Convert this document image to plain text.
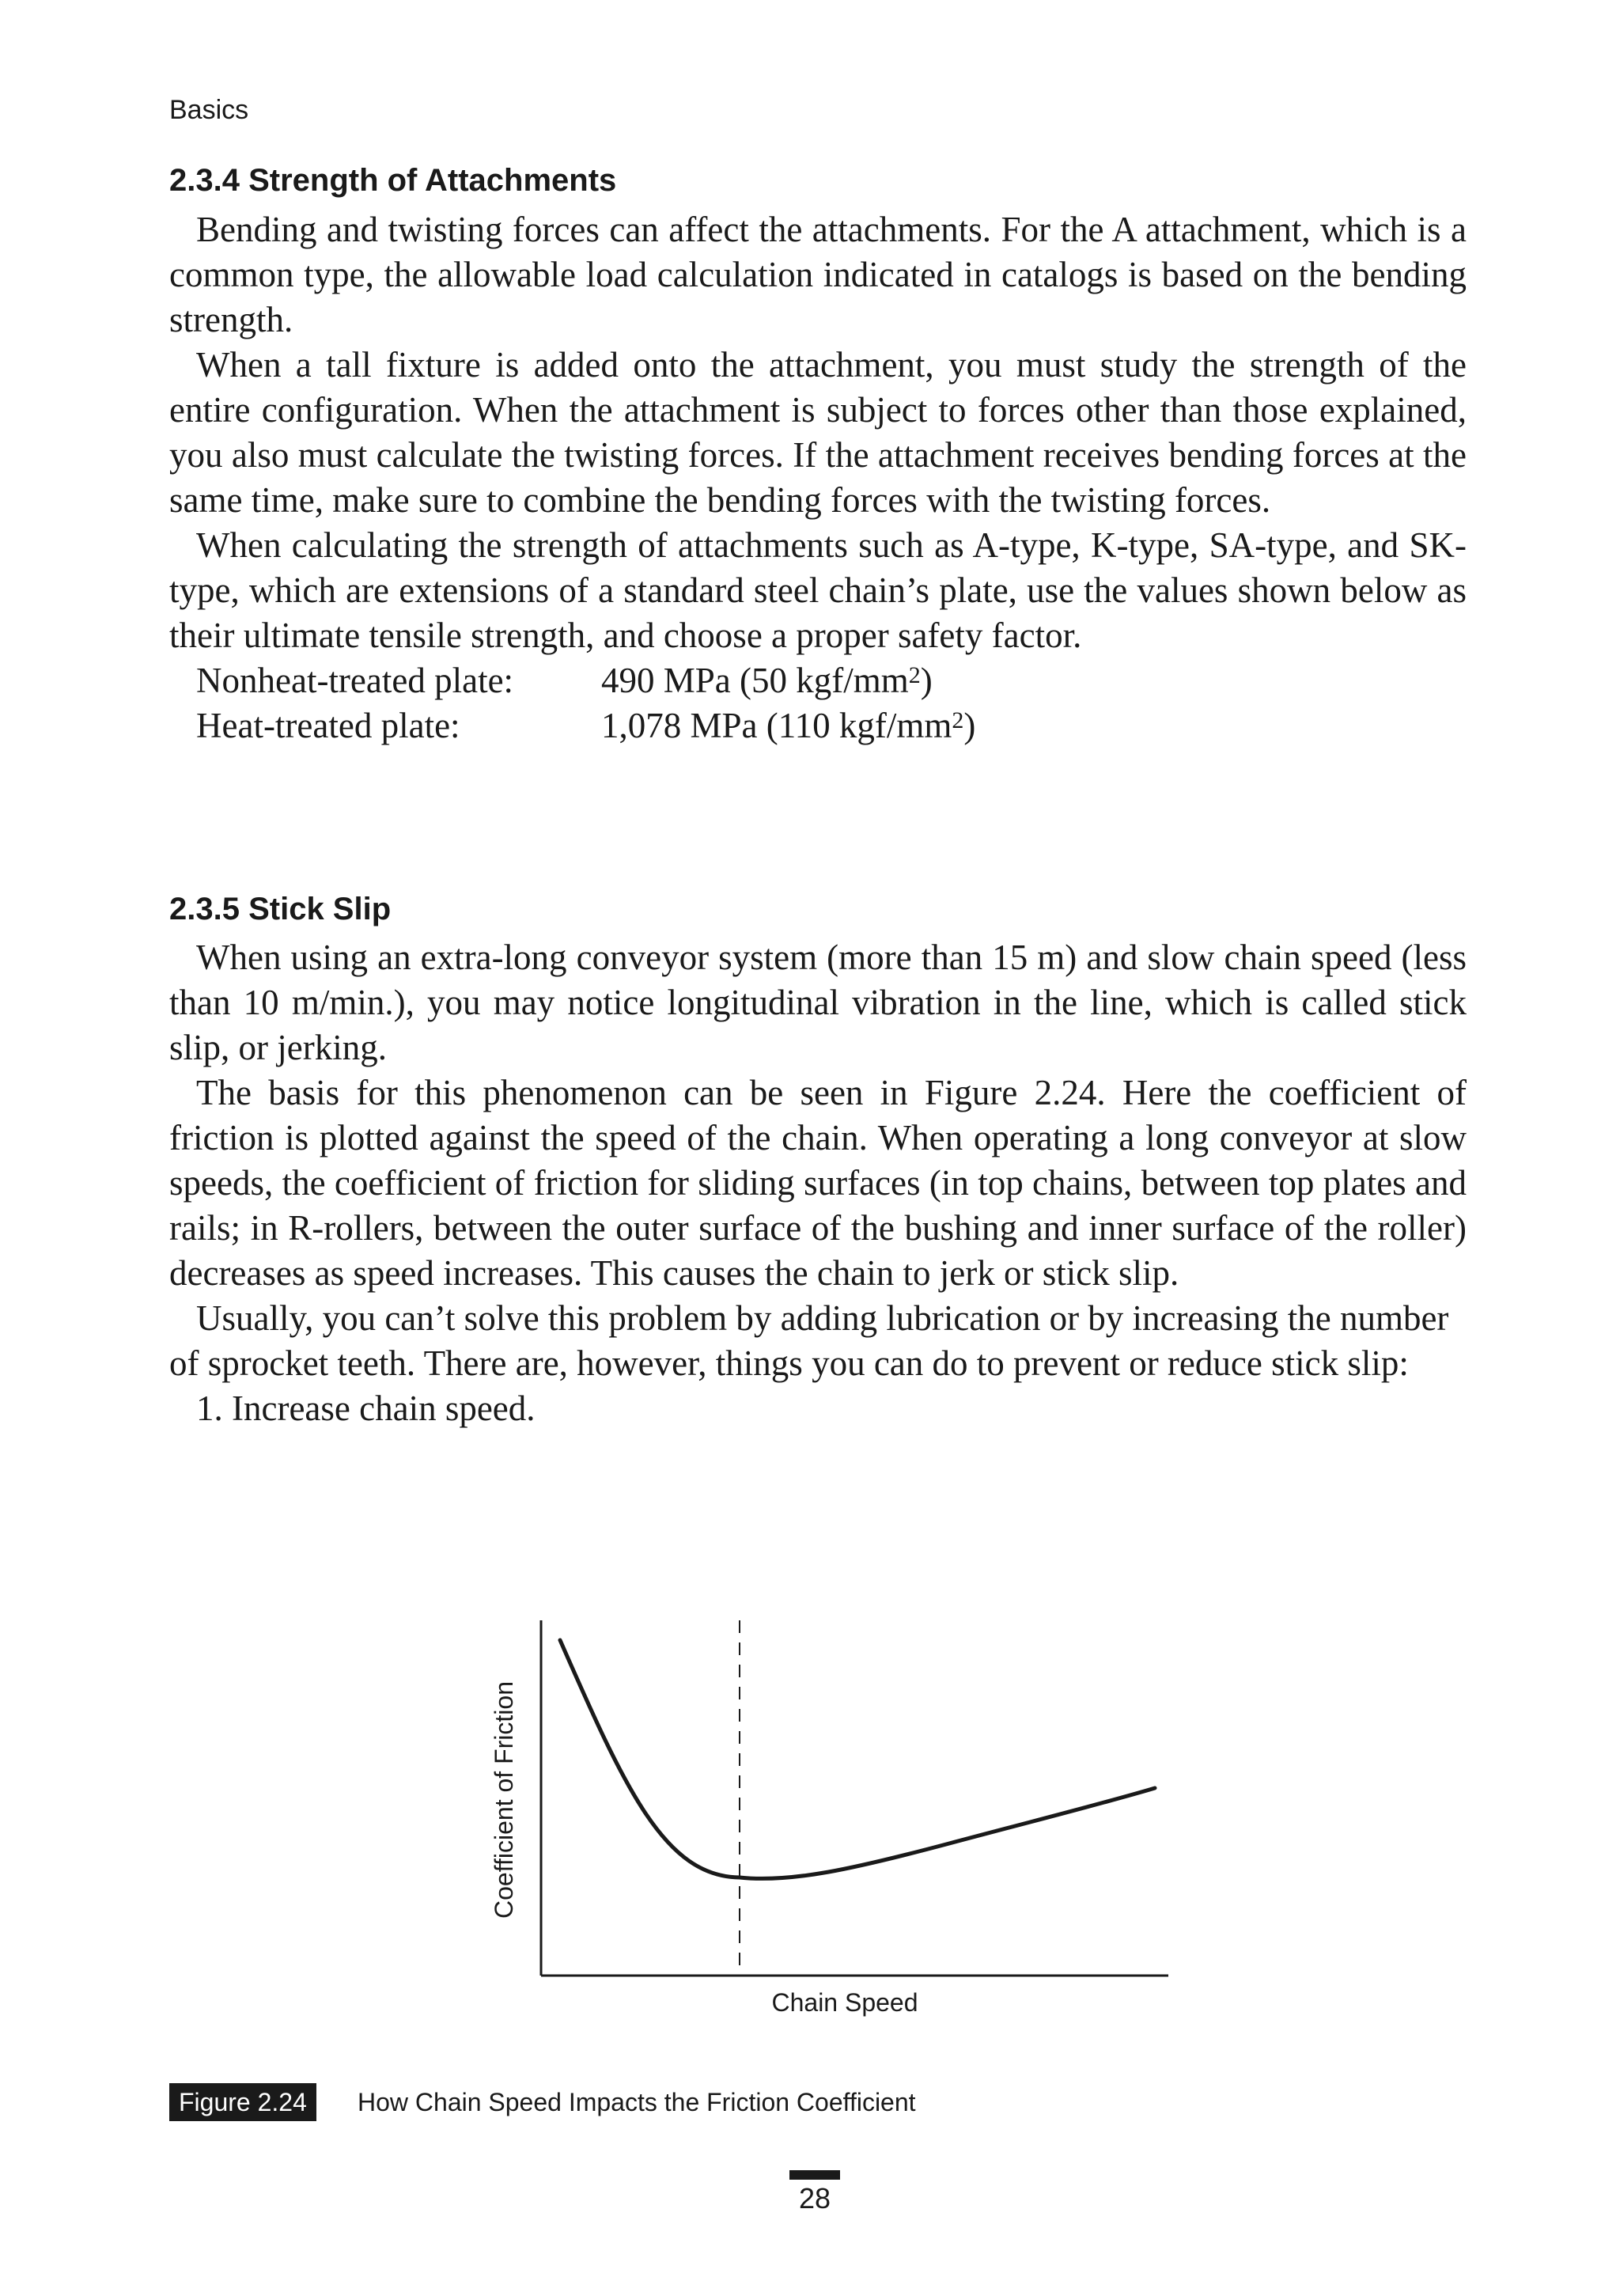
Basics
2.3.4 Strength of Attachments

Bending and twisting forces can affect the attachments. For the A attachment, which is a common type, the allowable load calculation indicated in catalogs is based on the bending strength.

When a tall fixture is added onto the attachment, you must study the strength of the entire configuration. When the attachment is subject to forces other than those explained, you also must calculate the twisting forces. If the attachment receives bending forces at the same time, make sure to combine the bending forces with the twisting forces.

When calculating the strength of attachments such as A-type, K-type, SA-type, and SK-type, which are extensions of a standard steel chain’s plate, use the values shown below as their ultimate tensile strength, and choose a proper safety factor.

Nonheat-treated plate:	490 MPa (50 kgf/$mm^2$)
Heat-treated plate:	1,078 MPa (110 kgf/$mm^2$)
2.3.5 Stick Slip

When using an extra-long conveyor system (more than 15 m) and slow chain speed (less than 10 m/min.), you may notice longitudinal vibration in the line, which is called stick slip, or jerking.

The basis for this phenomenon can be seen in Figure 2.24. Here the coefficient of friction is plotted against the speed of the chain. When operating a long conveyor at slow speeds, the coefficient of friction for sliding surfaces (in top chains, between top plates and rails; in R-rollers, between the outer surface of the bushing and inner surface of the roller) decreases as speed increases. This causes the chain to jerk or stick slip.

Usually, you can’t solve this problem by adding lubrication or by increasing the number of sprocket teeth. There are, however, things you can do to prevent or reduce stick slip:

1. Increase chain speed.
Coefficient of Friction
Chain Speed
Figure 2.24	How Chain Speed Impacts the Friction Coefficient
28
